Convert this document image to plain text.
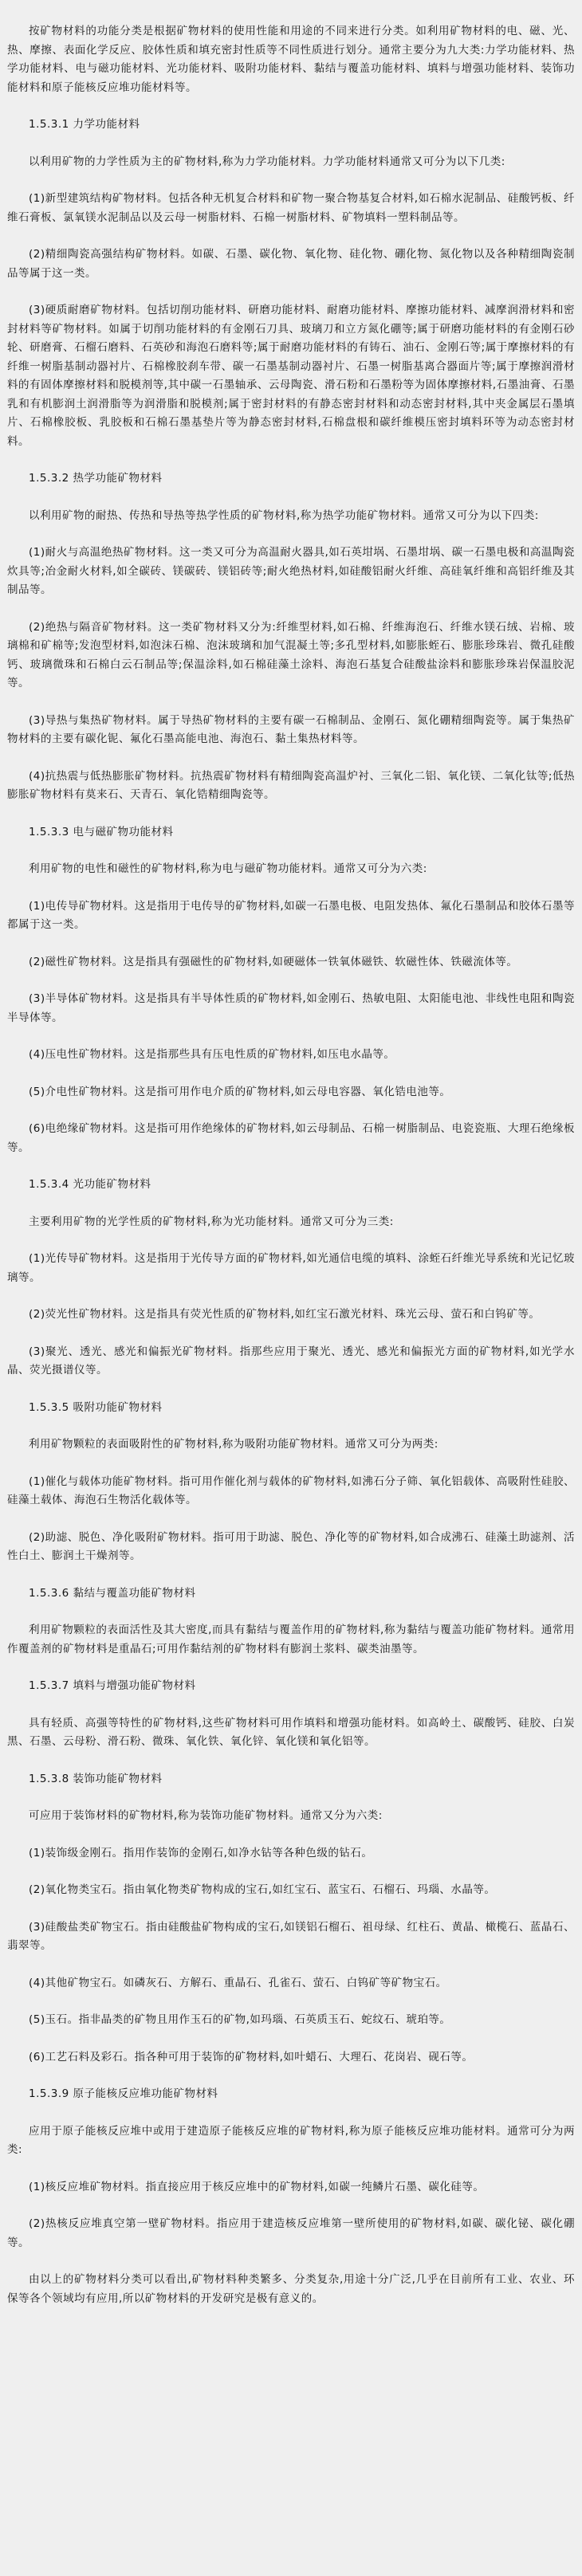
按矿物材料的功能分类是根据矿物材料的使用性能和用途的不同来进行分类。如利用矿物材料的电、磁、光、热、摩擦、表面化学反应、胶体性质和填充密封性质等不同性质进行划分。通常主要分为九大类:力学功能材料、热学功能材料、电与磁功能材料、光功能材料、吸附功能材料、黏结与覆盖功能材料、填料与增强功能材料、装饰功能材料和原子能核反应堆功能材料等。

1.5.3.1 力学功能材料

以利用矿物的力学性质为主的矿物材料,称为力学功能材料。力学功能材料通常又可分为以下几类:

(1)新型建筑结构矿物材料。包括各种无机复合材料和矿物一聚合物基复合材料,如石棉水泥制品、硅酸钙板、纤维石膏板、氯氧镁水泥制品以及云母一树脂材料、石棉一树脂材料、矿物填料一塑料制品等。

(2)精细陶瓷高强结构矿物材料。如碳、石墨、碳化物、氧化物、硅化物、硼化物、氮化物以及各种精细陶瓷制品等属于这一类。

(3)硬质耐磨矿物材料。包括切削功能材料、研磨功能材料、耐磨功能材料、摩擦功能材料、减摩润滑材料和密封材料等矿物材料。如属于切削功能材料的有金刚石刀具、玻璃刀和立方氮化硼等;属于研磨功能材料的有金刚石砂轮、研磨膏、石榴石磨料、石英砂和海泡石磨料等;属于耐磨功能材料的有铸石、油石、金刚石等;属于摩擦材料的有纤维一树脂基制动器衬片、石棉橡胶刹车带、碳一石墨基制动器衬片、石墨一树脂基离合器面片等;属于摩擦润滑材料的有固体摩擦材料和脱模剂等,其中碳一石墨轴承、云母陶瓷、滑石粉和石墨粉等为固体摩擦材料,石墨油膏、石墨乳和有机膨润土润滑脂等为润滑脂和脱模剂;属于密封材料的有静态密封材料和动态密封材料,其中夹金属层石墨填片、石棉橡胶板、乳胶板和石棉石墨基垫片等为静态密封材料,石棉盘根和碳纤维模压密封填料环等为动态密封材料。

1.5.3.2 热学功能矿物材料

以利用矿物的耐热、传热和导热等热学性质的矿物材料,称为热学功能矿物材料。通常又可分为以下四类:

(1)耐火与高温绝热矿物材料。这一类又可分为高温耐火器具,如石英坩埚、石墨坩埚、碳一石墨电极和高温陶瓷炊具等;冶金耐火材料,如全碳砖、镁碳砖、镁铝砖等;耐火绝热材料,如硅酸铝耐火纤维、高硅氧纤维和高铝纤维及其制品等。

(2)绝热与隔音矿物材料。这一类矿物材料又分为:纤维型材料,如石棉、纤维海泡石、纤维水镁石绒、岩棉、玻璃棉和矿棉等;发泡型材料,如泡沫石棉、泡沫玻璃和加气混凝土等;多孔型材料,如膨胀蛭石、膨胀珍珠岩、微孔硅酸钙、玻璃微珠和石棉白云石制品等;保温涂料,如石棉硅藻土涂料、海泡石基复合硅酸盐涂料和膨胀珍珠岩保温胶泥等。

(3)导热与集热矿物材料。属于导热矿物材料的主要有碳一石棉制品、金刚石、氮化硼精细陶瓷等。属于集热矿物材料的主要有碳化铌、氟化石墨高能电池、海泡石、黏土集热材料等。

(4)抗热震与低热膨胀矿物材料。抗热震矿物材料有精细陶瓷高温炉衬、三氧化二铝、氧化镁、二氧化钛等;低热膨胀矿物材料有莫来石、天青石、氧化锆精细陶瓷等。

1.5.3.3 电与磁矿物功能材料

利用矿物的电性和磁性的矿物材料,称为电与磁矿物功能材料。通常又可分为六类:

(1)电传导矿物材料。这是指用于电传导的矿物材料,如碳一石墨电极、电阻发热体、氟化石墨制品和胶体石墨等都属于这一类。

(2)磁性矿物材料。这是指具有强磁性的矿物材料,如硬磁体一铁氧体磁铁、软磁性体、铁磁流体等。

(3)半导体矿物材料。这是指具有半导体性质的矿物材料,如金刚石、热敏电阻、太阳能电池、非线性电阻和陶瓷半导体等。

(4)压电性矿物材料。这是指那些具有压电性质的矿物材料,如压电水晶等。

(5)介电性矿物材料。这是指可用作电介质的矿物材料,如云母电容器、氧化锆电池等。

(6)电绝缘矿物材料。这是指可用作绝缘体的矿物材料,如云母制品、石棉一树脂制品、电瓷瓷瓶、大理石绝缘板等。

1.5.3.4 光功能矿物材料

主要利用矿物的光学性质的矿物材料,称为光功能材料。通常又可分为三类:

(1)光传导矿物材料。这是指用于光传导方面的矿物材料,如光通信电缆的填料、涂蛭石纤维光导系统和光记忆玻璃等。

(2)荧光性矿物材料。这是指具有荧光性质的矿物材料,如红宝石激光材料、珠光云母、萤石和白钨矿等。

(3)聚光、透光、感光和偏振光矿物材料。指那些应用于聚光、透光、感光和偏振光方面的矿物材料,如光学水晶、荧光摄谱仪等。

1.5.3.5 吸附功能矿物材料

利用矿物颗粒的表面吸附性的矿物材料,称为吸附功能矿物材料。通常又可分为两类:

(1)催化与载体功能矿物材料。指可用作催化剂与载体的矿物材料,如沸石分子筛、氧化铝载体、高吸附性硅胶、硅藻土载体、海泡石生物活化载体等。

(2)助滤、脱色、净化吸附矿物材料。指可用于助滤、脱色、净化等的矿物材料,如合成沸石、硅藻土助滤剂、活性白土、膨润土干燥剂等。

1.5.3.6 黏结与覆盖功能矿物材料

利用矿物颗粒的表面活性及其大密度,而具有黏结与覆盖作用的矿物材料,称为黏结与覆盖功能矿物材料。通常用作覆盖剂的矿物材料是重晶石;可用作黏结剂的矿物材料有膨润土浆料、碳类油墨等。

1.5.3.7 填料与增强功能矿物材料

具有轻质、高强等特性的矿物材料,这些矿物材料可用作填料和增强功能材料。如高岭土、碳酸钙、硅胶、白炭黑、石墨、云母粉、滑石粉、微珠、氧化铁、氧化锌、氧化镁和氧化铝等。

1.5.3.8 装饰功能矿物材料

可应用于装饰材料的矿物材料,称为装饰功能矿物材料。通常又分为六类:

(1)装饰级金刚石。指用作装饰的金刚石,如净水钻等各种色级的钻石。

(2)氧化物类宝石。指由氧化物类矿物构成的宝石,如红宝石、蓝宝石、石榴石、玛瑙、水晶等。

(3)硅酸盐类矿物宝石。指由硅酸盐矿物构成的宝石,如镁铝石榴石、祖母绿、红柱石、黄晶、橄榄石、蓝晶石、翡翠等。

(4)其他矿物宝石。如磷灰石、方解石、重晶石、孔雀石、萤石、白钨矿等矿物宝石。

(5)玉石。指非晶类的矿物且用作玉石的矿物,如玛瑙、石英质玉石、蛇纹石、琥珀等。

(6)工艺石料及彩石。指各种可用于装饰的矿物材料,如叶蜡石、大理石、花岗岩、砚石等。

1.5.3.9 原子能核反应堆功能矿物材料

应用于原子能核反应堆中或用于建造原子能核反应堆的矿物材料,称为原子能核反应堆功能材料。通常可分为两类:

(1)核反应堆矿物材料。指直接应用于核反应堆中的矿物材料,如碳一纯鳞片石墨、碳化硅等。

(2)热核反应堆真空第一壁矿物材料。指应用于建造核反应堆第一壁所使用的矿物材料,如碳、碳化铋、碳化硼等。

由以上的矿物材料分类可以看出,矿物材料种类繁多、分类复杂,用途十分广泛,几乎在目前所有工业、农业、环保等各个领域均有应用,所以矿物材料的开发研究是极有意义的。
